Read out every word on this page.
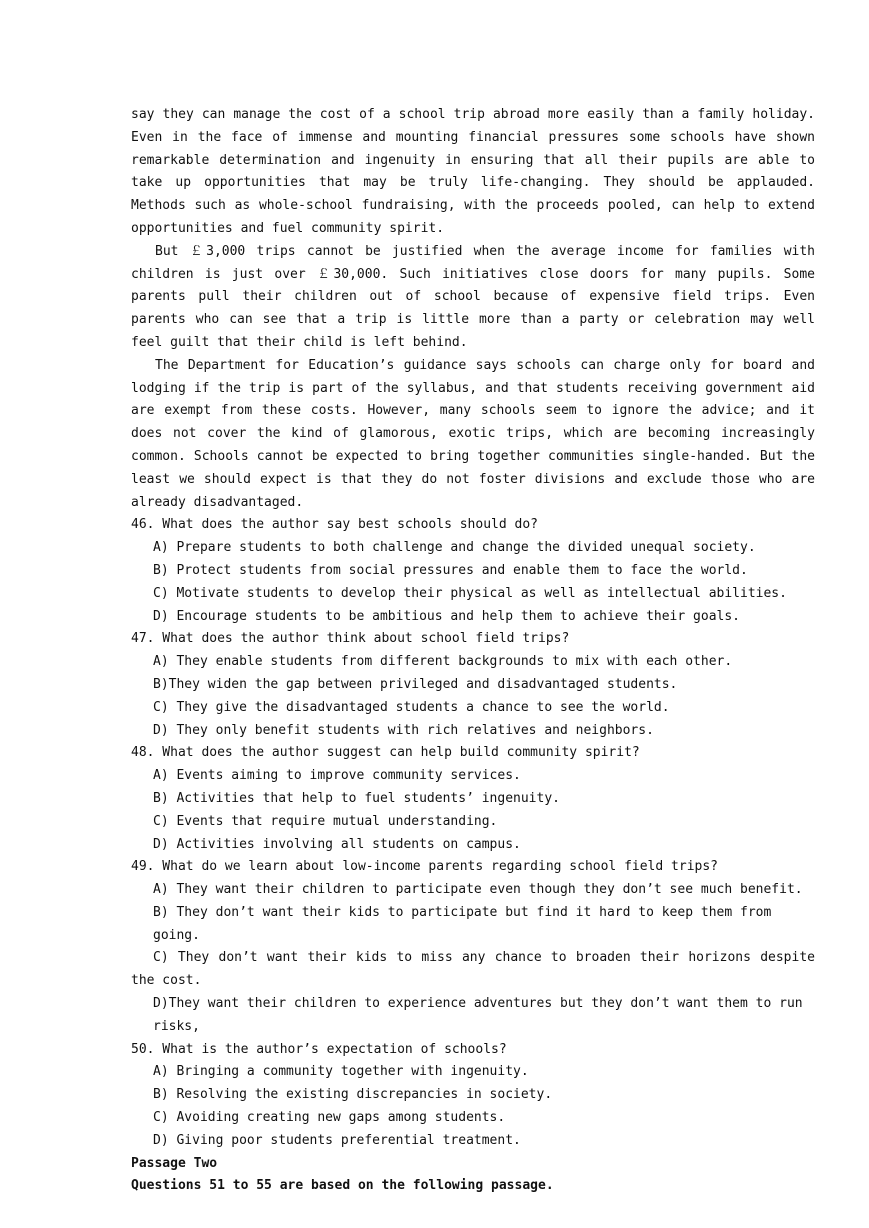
say they can manage the cost of a school trip abroad more easily than a family holiday. Even in the face of immense and mounting financial pressures some schools have shown remarkable determination and ingenuity in ensuring that all their pupils are able to take up opportunities that may be truly life-changing. They should be applauded. Methods such as whole-school fundraising, with the proceeds pooled, can help to extend opportunities and fuel community spirit.

But ￡3,000 trips cannot be justified when the average income for families with children is just over ￡30,000. Such initiatives close doors for many pupils. Some parents pull their children out of school because of expensive field trips. Even parents who can see that a trip is little more than a party or celebration may well feel guilt that their child is left behind.

The Department for Education’s guidance says schools can charge only for board and lodging if the trip is part of the syllabus, and that students receiving government aid are exempt from these costs. However, many schools seem to ignore the advice; and it does not cover the kind of glamorous, exotic trips, which are becoming increasingly common. Schools cannot be expected to bring together communities single-handed. But the least we should expect is that they do not foster divisions and exclude those who are already disadvantaged.

46. What does the author say best schools should do?

A) Prepare students to both challenge and change the divided unequal society.

B) Protect students from social pressures and enable them to face the world.

C) Motivate students to develop their physical as well as intellectual abilities.

D) Encourage students to be ambitious and help them to achieve their goals.

47. What does the author think about school field trips?

A) They enable students from different backgrounds to mix with each other.

B)They widen the gap between privileged and disadvantaged students.

C) They give the disadvantaged students a chance to see the world.

D) They only benefit students with rich relatives and neighbors.

48. What does the author suggest can help build community spirit?

A) Events aiming to improve community services.

B) Activities that help to fuel students’ ingenuity.

C) Events that require mutual understanding.

D) Activities involving all students on campus.

49. What do we learn about low-income parents regarding school field trips?

A) They want their children to participate even though they don’t see much benefit.

B) They don’t want their kids to participate but find it hard to keep them from going.

C) They don’t want their kids to miss any chance to broaden their horizons despite the cost.

D)They want their children to experience adventures but they don’t want them to run risks,

50. What is the author’s expectation of schools?

A) Bringing a community together with ingenuity.

B) Resolving the existing discrepancies in society.

C) Avoiding creating new gaps among students.

D) Giving poor students preferential treatment.

Passage Two

Questions 51 to 55 are based on the following passage.
